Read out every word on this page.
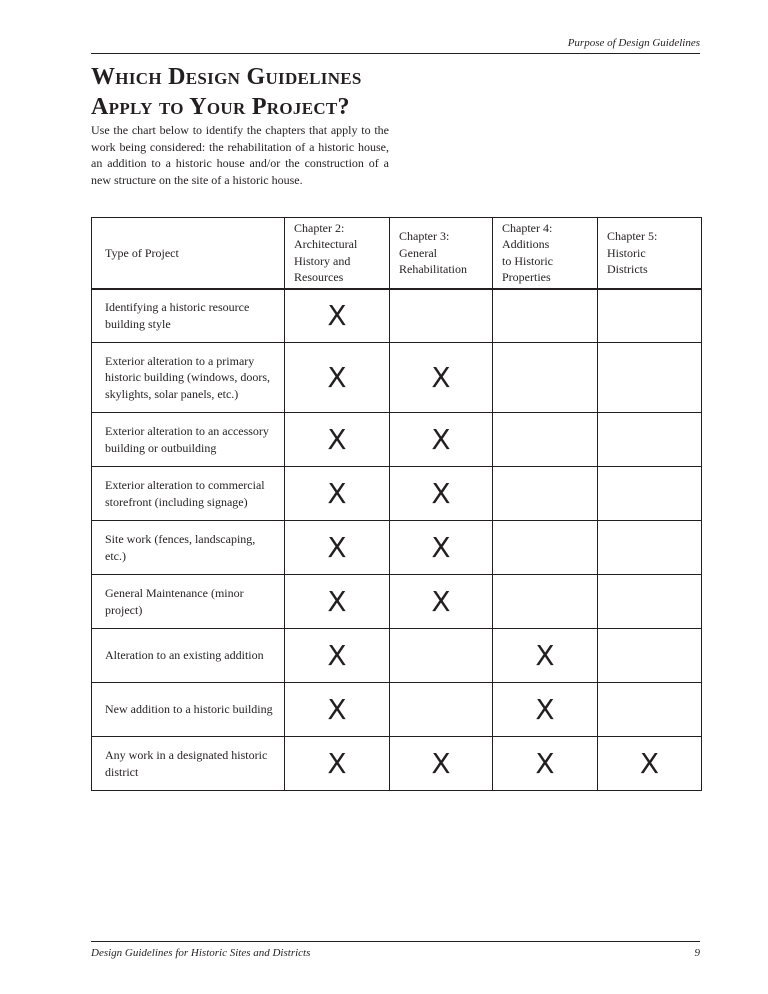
Purpose of Design Guidelines
Which Design Guidelines
Apply to Your Project?

Use the chart below to identify the chapters that apply to the work being considered: the rehabilitation of a historic house, an addition to a historic house and/or the construction of a new structure on the site of a historic house.

Type of Project	Chapter 2:
Architectural
History and
Resources	Chapter 3:
General
Rehabilitation	Chapter 4:
Additions
to Historic
Properties	Chapter 5:
Historic
Districts
Identifying a historic resource building style	X			
Exterior alteration to a primary historic building (windows, doors, skylights, solar panels, etc.)	X	X		
Exterior alteration to an accessory building or outbuilding	X	X		
Exterior alteration to commercial storefront (including signage)	X	X		
Site work (fences, landscaping, etc.)	X	X		
General Maintenance (minor project)	X	X		
Alteration to an existing addition	X		X	
New addition to a historic building	X		X	
Any work in a designated historic district	X	X	X	X
Design Guidelines for Historic Sites and Districts	9
